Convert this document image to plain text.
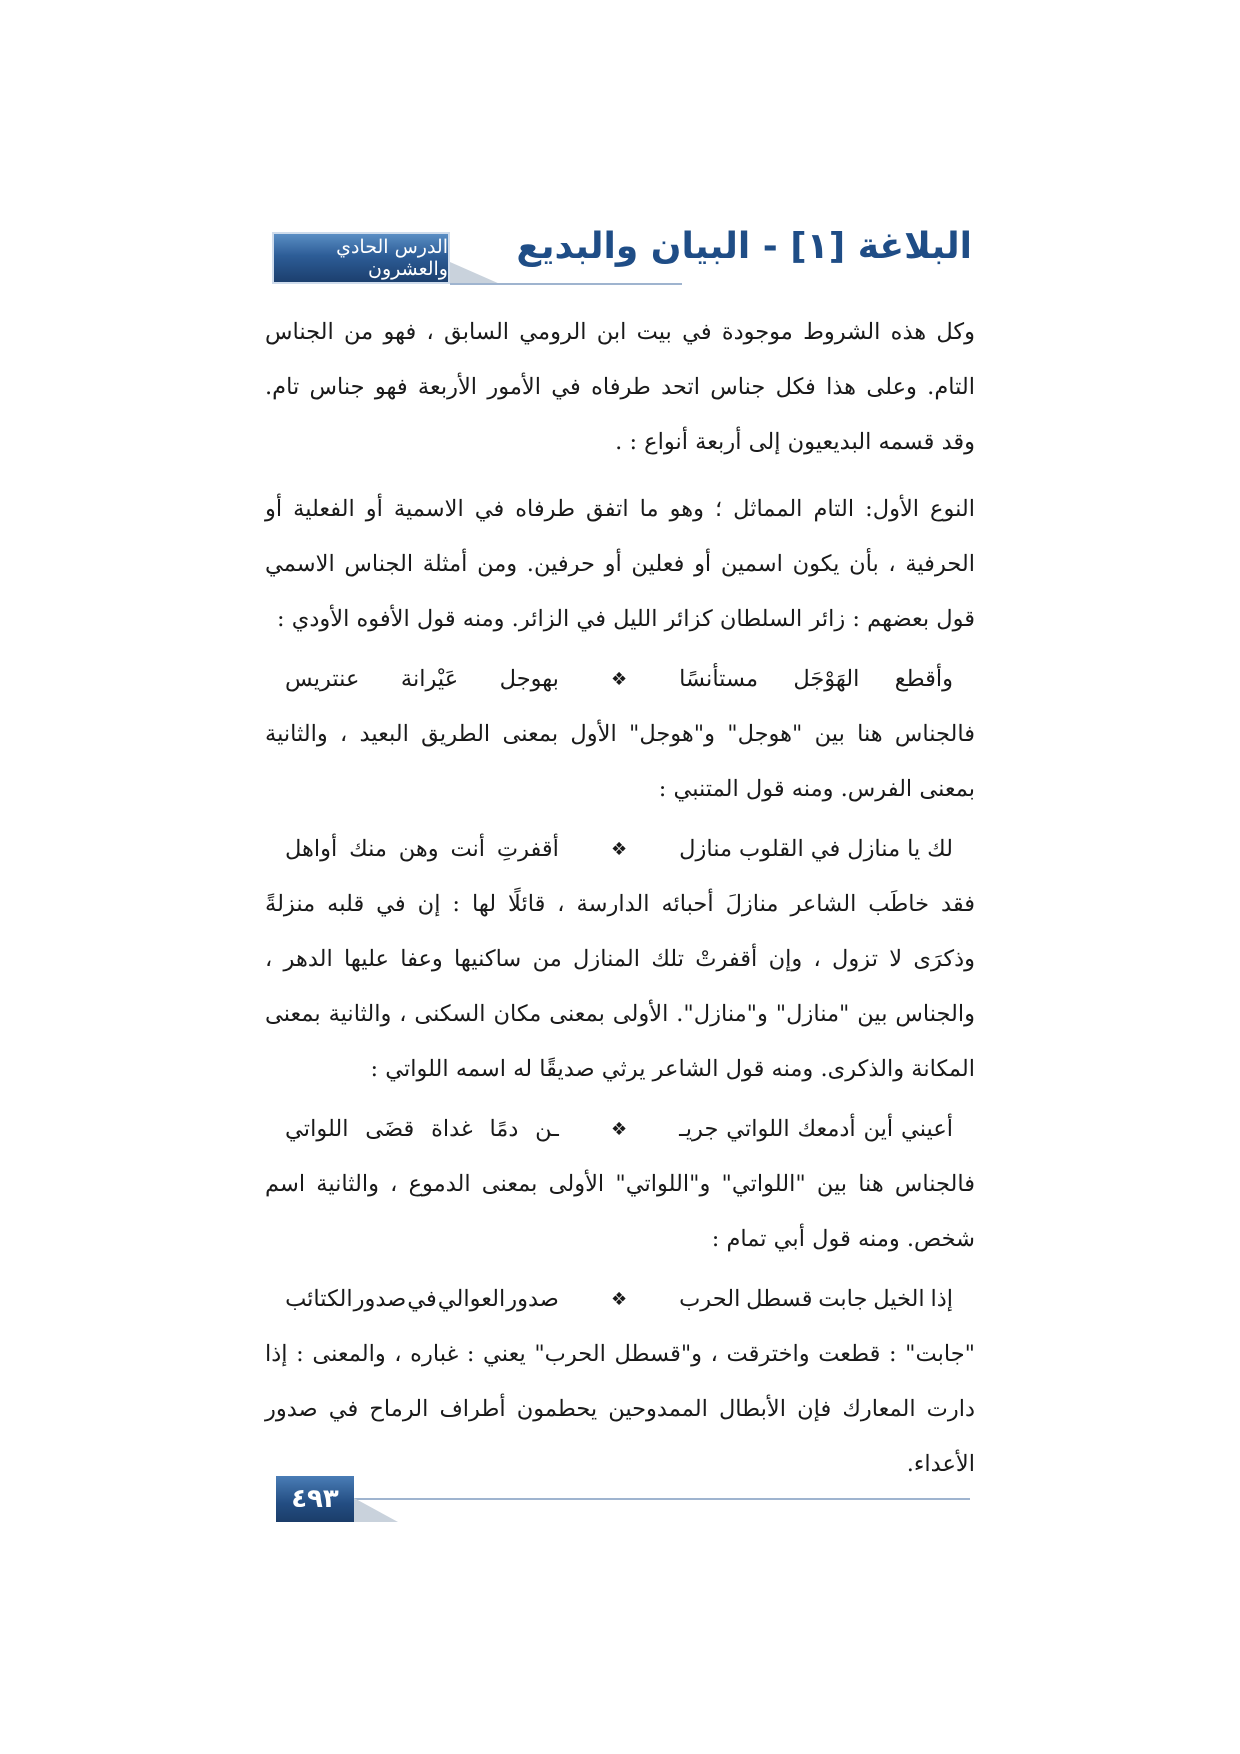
الدرس الحادي والعشرون
البلاغة [١] - البيان والبديع

وكل هذه الشروط موجودة في بيت ابن الرومي السابق ، فهو من الجناس التام. وعلى هذا فكل جناس اتحد طرفاه في الأمور الأربعة فهو جناس تام. وقد قسمه البديعيون إلى أربعة أنواع : .

النوع الأول: التام المماثل ؛ وهو ما اتفق طرفاه في الاسمية أو الفعلية أو الحرفية ، بأن يكون اسمين أو فعلين أو حرفين. ومن أمثلة الجناس الاسمي قول بعضهم : زائر السلطان كزائر الليل في الزائر. ومنه قول الأفوه الأودي :

وأقطع
الهَوْجَل
مستأنسًا
❖
بهوجل
عَيْرانة
عنتريس

فالجناس هنا بين "هوجل" و"هوجل" الأول بمعنى الطريق البعيد ، والثانية بمعنى الفرس. ومنه قول المتنبي :

لك
يا
منازل
في
القلوب
منازل
❖
أقفرتِ
أنت
وهن
منك
أواهل

فقد خاطَب الشاعر منازلَ أحبائه الدارسة ، قائلًا لها : إن في قلبه منزلةً وذكرَى لا تزول ، وإن أقفرتْ تلك المنازل من ساكنيها وعفا عليها الدهر ، والجناس بين "منازل" و"منازل". الأولى بمعنى مكان السكنى ، والثانية بمعنى المكانة والذكرى. ومنه قول الشاعر يرثي صديقًا له اسمه اللواتي :

أعيني
أين
أدمعك
اللواتي
جريـ
❖
ـن
دمًا
غداة
قضَى
اللواتي

فالجناس هنا بين "اللواتي" و"اللواتي" الأولى بمعنى الدموع ، والثانية اسم شخص. ومنه قول أبي تمام :

إذا
الخيل
جابت
قسطل
الحرب
❖
صدور
العوالي
في
صدور
الكتائب

"جابت" : قطعت واخترقت ، و"قسطل الحرب" يعني : غباره ، والمعنى : إذا دارت المعارك فإن الأبطال الممدوحين يحطمون أطراف الرماح في صدور الأعداء.

٤٩٣
